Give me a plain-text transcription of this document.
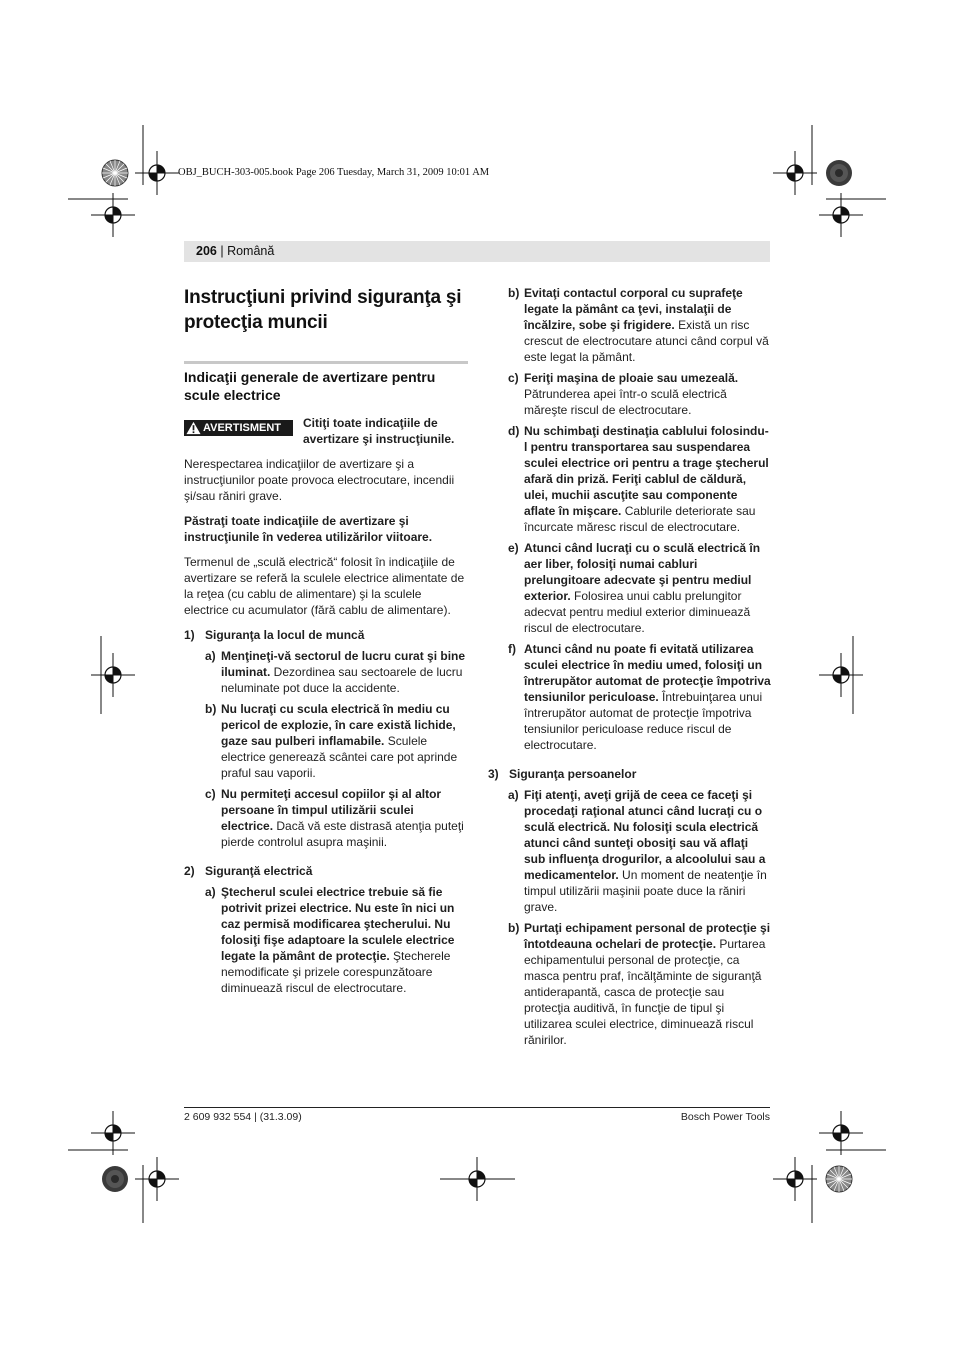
OBJ_BUCH-303-005.book Page 206 Tuesday, March 31, 2009 10:01 AM
206 | Română
Instrucţiuni privind siguranţa şi protecţia muncii
Indicaţii generale de avertizare pentru scule electrice
AVERTISMENT Citiţi toate indicaţiile de avertizare şi instrucţiunile.

Nerespectarea indicaţiilor de avertizare şi a instrucţiunilor poate provoca electrocutare, incendii şi/sau răniri grave.

Păstraţi toate indicaţiile de avertizare şi instrucţiunile în vederea utilizărilor viitoare.

Termenul de „sculă electrică“ folosit în indicaţiile de avertizare se referă la sculele electrice alimentate de la reţea (cu cablu de alimentare) şi la sculele electrice cu acumulator (fără cablu de alimentare).

1) Siguranţa la locul de muncă
a) Menţineţi-vă sectorul de lucru curat şi bine iluminat. Dezordinea sau sectoarele de lucru neluminate pot duce la accidente.
b) Nu lucraţi cu scula electrică în mediu cu pericol de explozie, în care există lichide, gaze sau pulberi inflamabile. Sculele electrice generează scântei care pot aprinde praful sau vaporii.
c) Nu permiteţi accesul copiilor şi al altor persoane în timpul utilizării sculei electrice. Dacă vă este distrasă atenţia puteţi pierde controlul asupra maşinii.
2) Siguranţă electrică
a) Ştecherul sculei electrice trebuie să fie potrivit prizei electrice. Nu este în nici un caz permisă modificarea ştecherului. Nu folosiţi fişe adaptoare la sculele electrice legate la pământ de protecţie. Ştecherele nemodificate şi prizele corespunzătoare diminuează riscul de electrocutare.
b) Evitaţi contactul corporal cu suprafeţe legate la pământ ca ţevi, instalaţii de încălzire, sobe şi frigidere. Există un risc crescut de electrocutare atunci când corpul vă este legat la pământ.
c) Feriţi maşina de ploaie sau umezeală. Pătrunderea apei într-o sculă electrică măreşte riscul de electrocutare.
d) Nu schimbaţi destinaţia cablului folosindu-l pentru transportarea sau suspendarea sculei electrice ori pentru a trage ştecherul afară din priză. Feriţi cablul de căldură, ulei, muchii ascuţite sau componente aflate în mişcare. Cablurile deteriorate sau încurcate măresc riscul de electrocutare.
e) Atunci când lucraţi cu o sculă electrică în aer liber, folosiţi numai cabluri prelungitoare adecvate şi pentru mediul exterior. Folosirea unui cablu prelungitor adecvat pentru mediul exterior diminuează riscul de electrocutare.
f) Atunci când nu poate fi evitată utilizarea sculei electrice în mediu umed, folosiţi un întrerupător automat de protecţie împotriva tensiunilor periculoase. Întrebuinţarea unui întrerupător automat de protecţie împotriva tensiunilor periculoase reduce riscul de electrocutare.
3) Siguranţa persoanelor
a) Fiţi atenţi, aveţi grijă de ceea ce faceţi şi procedaţi raţional atunci când lucraţi cu o sculă electrică. Nu folosiţi scula electrică atunci când sunteţi obosiţi sau vă aflaţi sub influenţa drogurilor, a alcoolului sau a medicamentelor. Un moment de neatenţie în timpul utilizării maşinii poate duce la răniri grave.
b) Purtaţi echipament personal de protecţie şi întotdeauna ochelari de protecţie. Purtarea echipamentului personal de protecţie, ca masca pentru praf, încălţăminte de siguranţă antiderapantă, casca de protecţie sau protecţia auditivă, în funcţie de tipul şi utilizarea sculei electrice, diminuează riscul rănirilor.
2 609 932 554 | (31.3.09)	Bosch Power Tools
